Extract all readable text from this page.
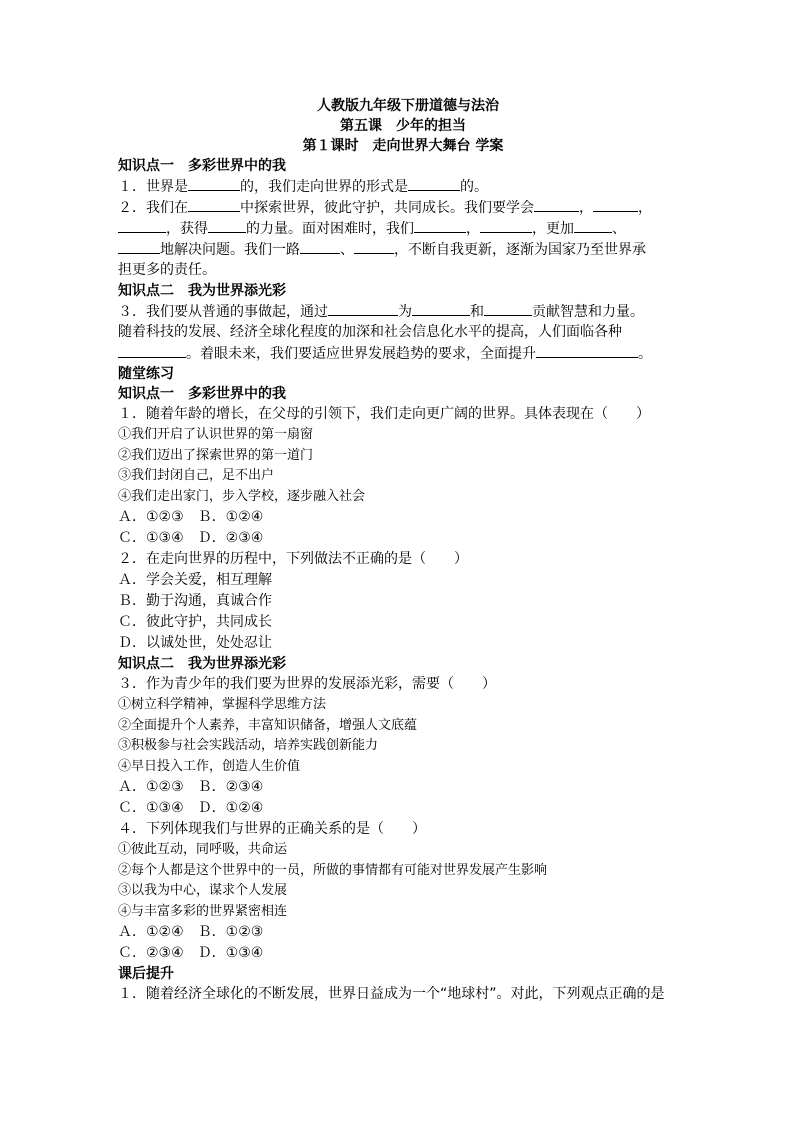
人教版九年级下册道德与法治
第五课　少年的担当
第１课时　走向世界大舞台 学案
知识点一　多彩世界中的我
１．世界是	的，我们走向世界的形式是	的。
２．我们在	中探索世界，彼此守护，共同成长。我们要学会	，	，
，获得	的力量。面对困难时，我们	，	，更加	、
地解决问题。我们一路	、	，不断自我更新，逐渐为国家乃至世界承
担更多的责任。
知识点二　我为世界添光彩
３．我们要从普通的事做起，通过	为	和	贡献智慧和力量。
随着科技的发展、经济全球化程度的加深和社会信息化水平的提高，人们面临各种
。着眼未来，我们要适应世界发展趋势的要求，全面提升	。
随堂练习
知识点一　多彩世界中的我
１．随着年龄的增长，在父母的引领下，我们走向更广阔的世界。具体表现在（　　）
①我们开启了认识世界的第一扇窗
②我们迈出了探索世界的第一道门
③我们封闭自己，足不出户
④我们走出家门，步入学校，逐步融入社会
Ａ．①②③　Ｂ．①②④
Ｃ．①③④　Ｄ．②③④
２．在走向世界的历程中，下列做法不正确的是（　　）
Ａ．学会关爱，相互理解
Ｂ．勤于沟通，真诚合作
Ｃ．彼此守护，共同成长
Ｄ．以诚处世，处处忍让
知识点二　我为世界添光彩
３．作为青少年的我们要为世界的发展添光彩，需要（　　）
①树立科学精神，掌握科学思维方法
②全面提升个人素养，丰富知识储备，增强人文底蕴
③积极参与社会实践活动，培养实践创新能力
④早日投入工作，创造人生价值
Ａ．①②③　Ｂ．②③④
Ｃ．①③④　Ｄ．①②④
４．下列体现我们与世界的正确关系的是（　　）
①彼此互动，同呼吸，共命运
②每个人都是这个世界中的一员，所做的事情都有可能对世界发展产生影响
③以我为中心，谋求个人发展
④与丰富多彩的世界紧密相连
Ａ．①②④　Ｂ．①②③
Ｃ．②③④　Ｄ．①③④
课后提升
１．随着经济全球化的不断发展，世界日益成为一个“地球村”。对此，下列观点正确的是
